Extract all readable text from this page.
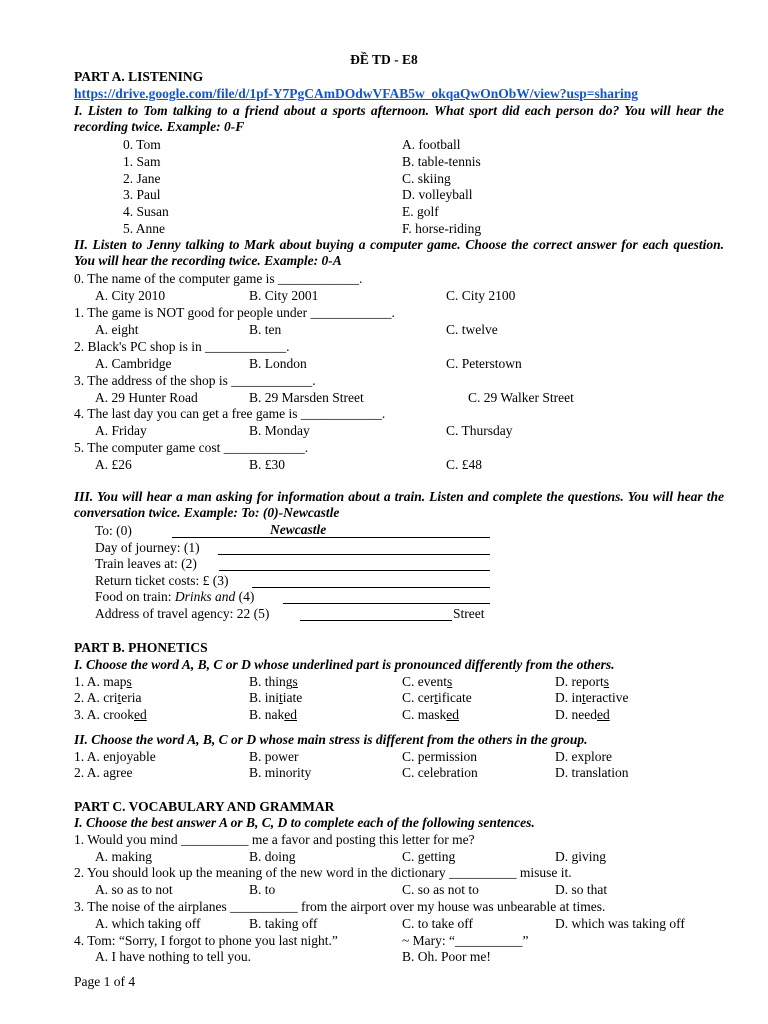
ĐỀ TD - E8
PART A. LISTENING
https://drive.google.com/file/d/1pf-Y7PgCAmDOdwVFAB5w_okqaQwOnObW/view?usp=sharing
I. Listen to Tom talking to a friend about a sports afternoon. What sport did each person do? You will hear the recording twice. Example: 0-F
0. Tom	A. football
1. Sam	B. table-tennis
2. Jane	C. skiing
3. Paul	D. volleyball
4. Susan	E. golf
5. Anne	F. horse-riding
II. Listen to Jenny talking to Mark about buying a computer game. Choose the correct answer for each question. You will hear the recording twice. Example: 0-A
0. The name of the computer game is ____________.
A. City 2010	B. City 2001	C. City 2100
1. The game is NOT good for people under ____________.
A. eight	B. ten	C. twelve
2. Black's PC shop is in ____________.
A. Cambridge	B. London	C. Peterstown
3. The address of the shop is ____________.
A. 29 Hunter Road	B. 29 Marsden Street	C. 29 Walker Street
4. The last day you can get a free game is ____________.
A. Friday	B. Monday	C. Thursday
5. The computer game cost ____________.
A. £26	B. £30	C. £48
III. You will hear a man asking for information about a train. Listen and complete the questions. You will hear the conversation twice. Example: To: (0)-Newcastle
To: (0)	Newcastle
Day of journey: (1)
Train leaves at: (2)
Return ticket costs: £ (3)
Food on train: Drinks and (4)
Address of travel agency: 22 (5)	Street
PART B. PHONETICS
I. Choose the word A, B, C or D whose underlined part is pronounced differently from the others.
1. A. maps	B. things	C. events	D. reports
2. A. criteria	B. initiate	C. certificate	D. interactive
3. A. crooked	B. naked	C. masked	D. needed
II. Choose the word A, B, C or D whose main stress is different from the others in the group.
1. A. enjoyable	B. power	C. permission	D. explore
2. A. agree	B. minority	C. celebration	D. translation
PART C. VOCABULARY AND GRAMMAR
I. Choose the best answer A or B, C, D to complete each of the following sentences.
1. Would you mind __________ me a favor and posting this letter for me?
A. making	B. doing	C. getting	D. giving
2. You should look up the meaning of the new word in the dictionary __________ misuse it.
A. so as to not	B. to	C. so as not to	D. so that
3. The noise of the airplanes __________ from the airport over my house was unbearable at times.
A. which taking off	B. taking off	C. to take off	D. which was taking off
4. Tom: “Sorry, I forgot to phone you last night.”	~ Mary: “__________”
A. I have nothing to tell you.	B. Oh. Poor me!
Page 1 of 4
